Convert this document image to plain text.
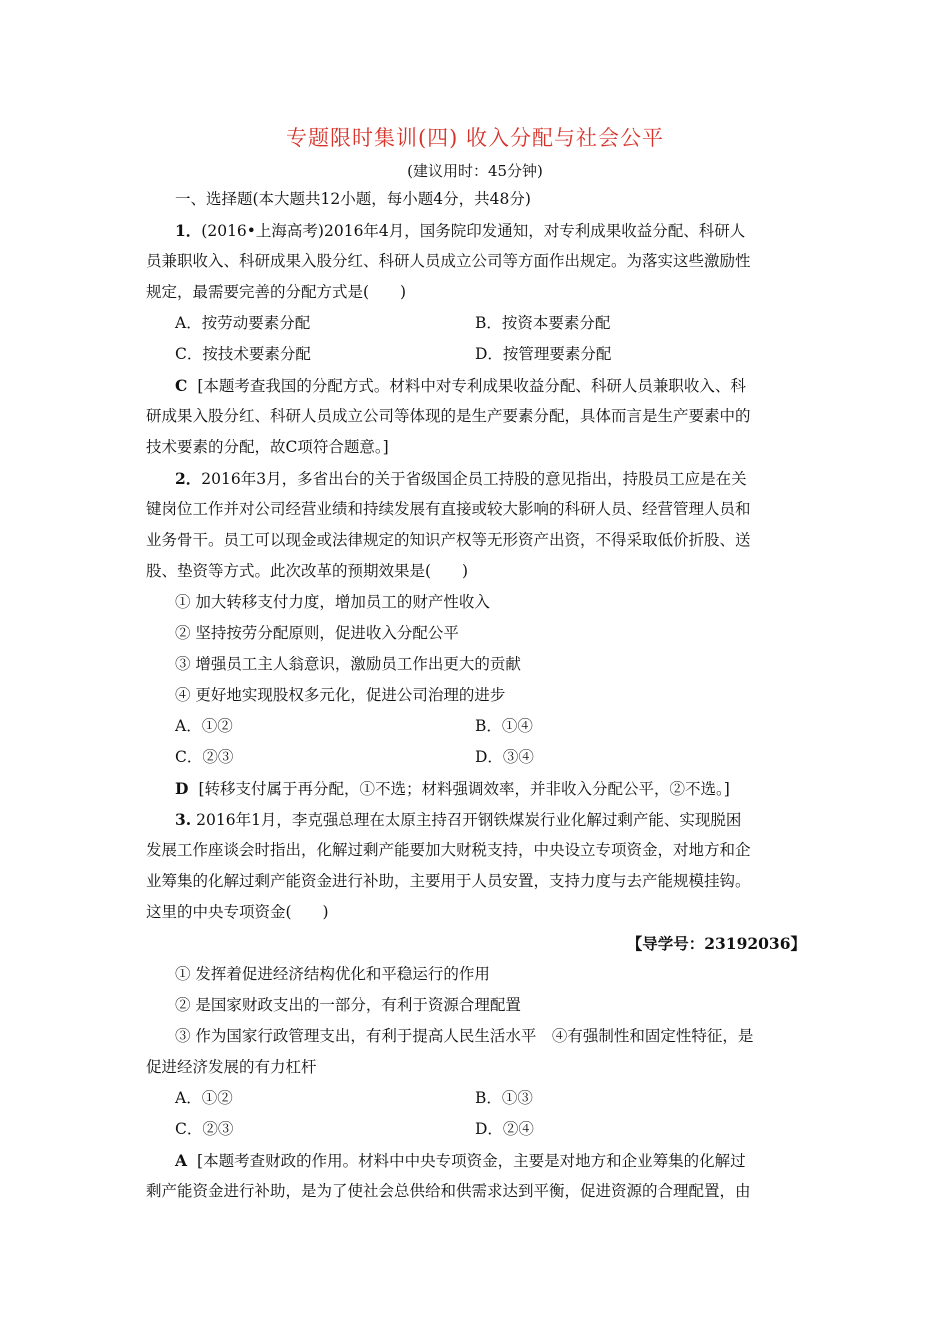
专题限时集训(四) 收入分配与社会公平
(建议用时：45分钟)
一、选择题(本大题共12小题，每小题4分，共48分)
1．(2016•上海高考)2016年4月，国务院印发通知，对专利成果收益分配、科研人
员兼职收入、科研成果入股分红、科研人员成立公司等方面作出规定。为落实这些激励性
规定，最需要完善的分配方式是(　　)
A．按劳动要素分配	B．按资本要素分配
C．按技术要素分配	D．按管理要素分配
C [本题考查我国的分配方式。材料中对专利成果收益分配、科研人员兼职收入、科
研成果入股分红、科研人员成立公司等体现的是生产要素分配，具体而言是生产要素中的
技术要素的分配，故C项符合题意。]
2．2016年3月，多省出台的关于省级国企员工持股的意见指出，持股员工应是在关
键岗位工作并对公司经营业绩和持续发展有直接或较大影响的科研人员、经营管理人员和
业务骨干。员工可以现金或法律规定的知识产权等无形资产出资，不得采取低价折股、送
股、垫资等方式。此次改革的预期效果是(　　)
① 加大转移支付力度，增加员工的财产性收入
② 坚持按劳分配原则，促进收入分配公平
③ 增强员工主人翁意识，激励员工作出更大的贡献
④ 更好地实现股权多元化，促进公司治理的进步
A．①②	B．①④
C．②③	D．③④
D [转移支付属于再分配，①不选；材料强调效率，并非收入分配公平，②不选。]
3. 2016年1月，李克强总理在太原主持召开钢铁煤炭行业化解过剩产能、实现脱困
发展工作座谈会时指出，化解过剩产能要加大财税支持，中央设立专项资金，对地方和企
业筹集的化解过剩产能资金进行补助，主要用于人员安置，支持力度与去产能规模挂钩。
这里的中央专项资金(　　)
【导学号：23192036】
① 发挥着促进经济结构优化和平稳运行的作用
② 是国家财政支出的一部分，有利于资源合理配置
③ 作为国家行政管理支出，有利于提高人民生活水平　④有强制性和固定性特征，是
促进经济发展的有力杠杆
A．①②	B．①③
C．②③	D．②④
A [本题考查财政的作用。材料中中央专项资金，主要是对地方和企业筹集的化解过
剩产能资金进行补助，是为了使社会总供给和供需求达到平衡，促进资源的合理配置，由
